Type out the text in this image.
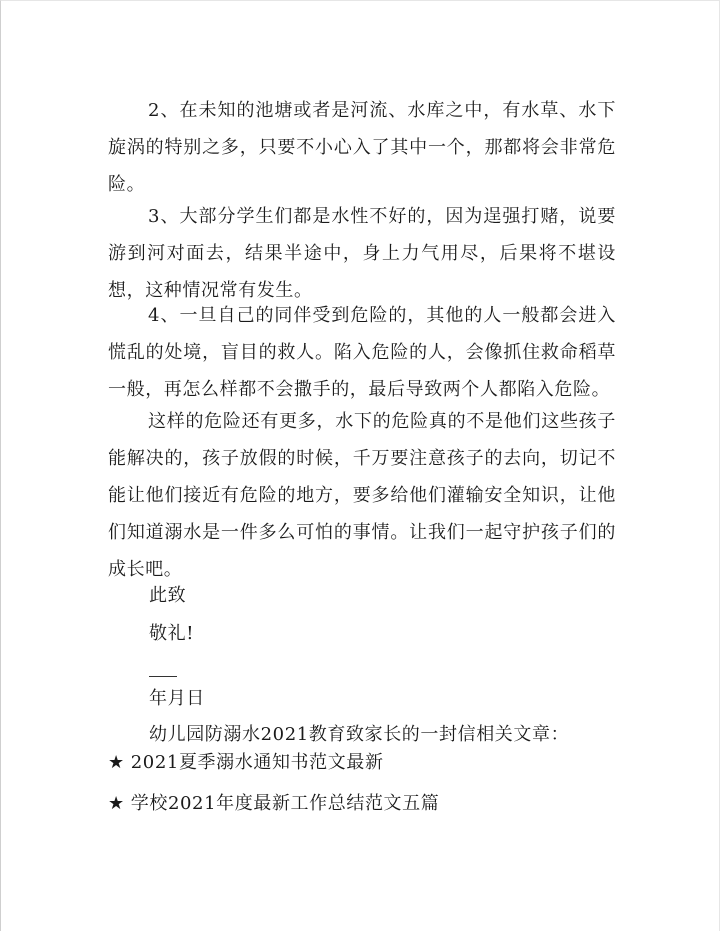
2、在未知的池塘或者是河流、水库之中，有水草、水下旋涡的特别之多，只要不小心入了其中一个，那都将会非常危险。

3、大部分学生们都是水性不好的，因为逞强打赌，说要游到河对面去，结果半途中，身上力气用尽，后果将不堪设想，这种情况常有发生。

4、一旦自己的同伴受到危险的，其他的人一般都会进入慌乱的处境，盲目的救人。陷入危险的人，会像抓住救命稻草一般，再怎么样都不会撒手的，最后导致两个人都陷入危险。

这样的危险还有更多，水下的危险真的不是他们这些孩子能解决的，孩子放假的时候，千万要注意孩子的去向，切记不能让他们接近有危险的地方，要多给他们灌输安全知识，让他们知道溺水是一件多么可怕的事情。让我们一起守护孩子们的成长吧。

此致
敬礼!
年月日
幼儿园防溺水2021教育致家长的一封信相关文章：
★ 2021夏季溺水通知书范文最新
★ 学校2021年度最新工作总结范文五篇
